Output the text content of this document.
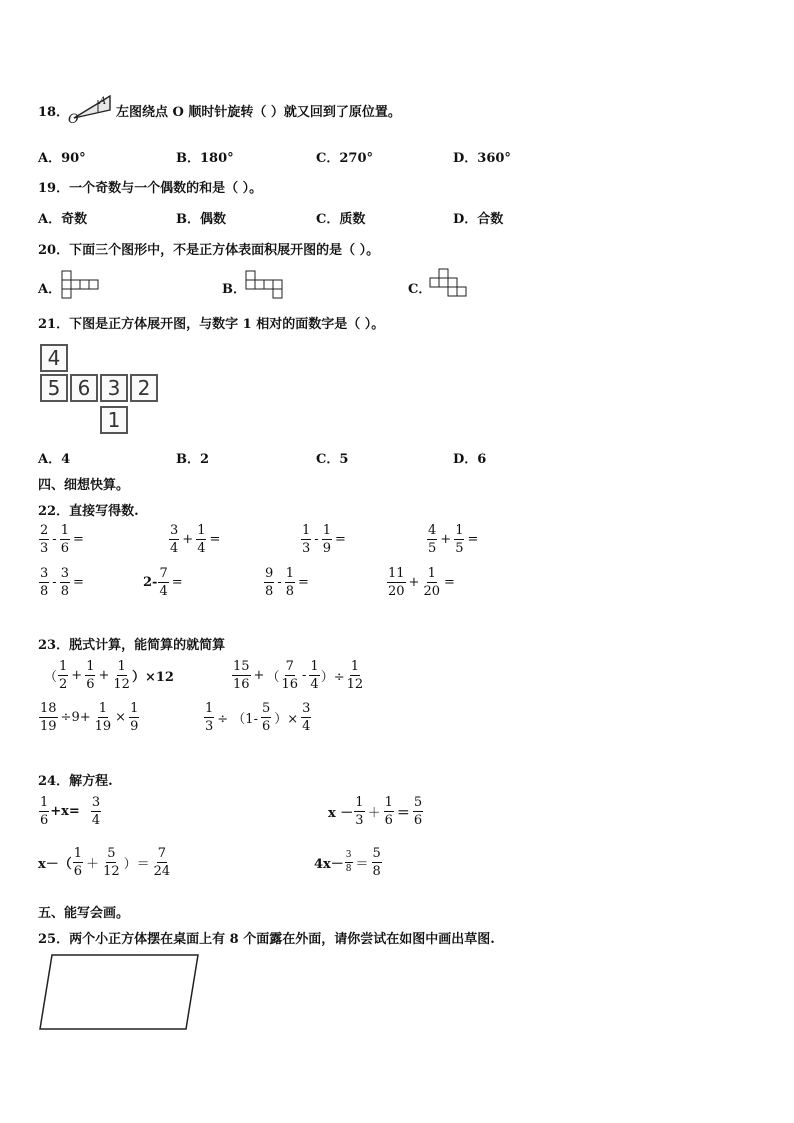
18．
O
A
左图绕点 O 顺时针旋转（ ）就又回到了原位置。
A．90°	B．180°	C．270°	D．360°
19．一个奇数与一个偶数的和是（ ）。
A．奇数	B．偶数	C．质数	D．合数
20．下面三个图形中，不是正方体表面积展开图的是（ ）。
A．	B．	C．
21．下图是正方体展开图，与数字 1 相对的面数字是（ ）。
4
5 6 3 2
1
A．4	B．2	C．5	D．6
四、细想快算。
22．直接写得数.
$\frac{2}{3} - \frac{1}{6}$ =	$\frac{3}{4} + \frac{1}{4}$ =	$\frac{1}{3} - \frac{1}{9}$ =	$\frac{4}{5} + \frac{1}{5}$ =
$\frac{3}{8} - \frac{3}{8}$ =	$2- \frac{7}{4}$ =	$\frac{9}{8} - \frac{1}{8}$ =	$\frac{11}{20} + \frac{1}{20}$ =
23．脱式计算，能简算的就简算
（ $\frac{1}{2} + \frac{1}{6} + \frac{1}{12} )\times 12$	$\frac{15}{16}$ + （ $\frac{7}{16} - \frac{1}{4}$ ）÷ $\frac{1}{12}$
$\frac{18}{19} \div 9+ \frac{1}{19} \times \frac{1}{9}$	$\frac{1}{3} \div (1- \frac{5}{6}$ ）× $\frac{3}{4}$
24．解方程.
$\frac{1}{6} +x= \frac{3}{4}$	$x - \frac{1}{3} + \frac{1}{6} = \frac{5}{6}$
$x-( \frac{1}{6} + \frac{5}{12}$ ）＝ $\frac{7}{24}$	$4x- \frac{3}{8} = \frac{5}{8}$
五、能写会画。
25．两个小正方体摆在桌面上有 8 个面露在外面，请你尝试在如图中画出草图.
